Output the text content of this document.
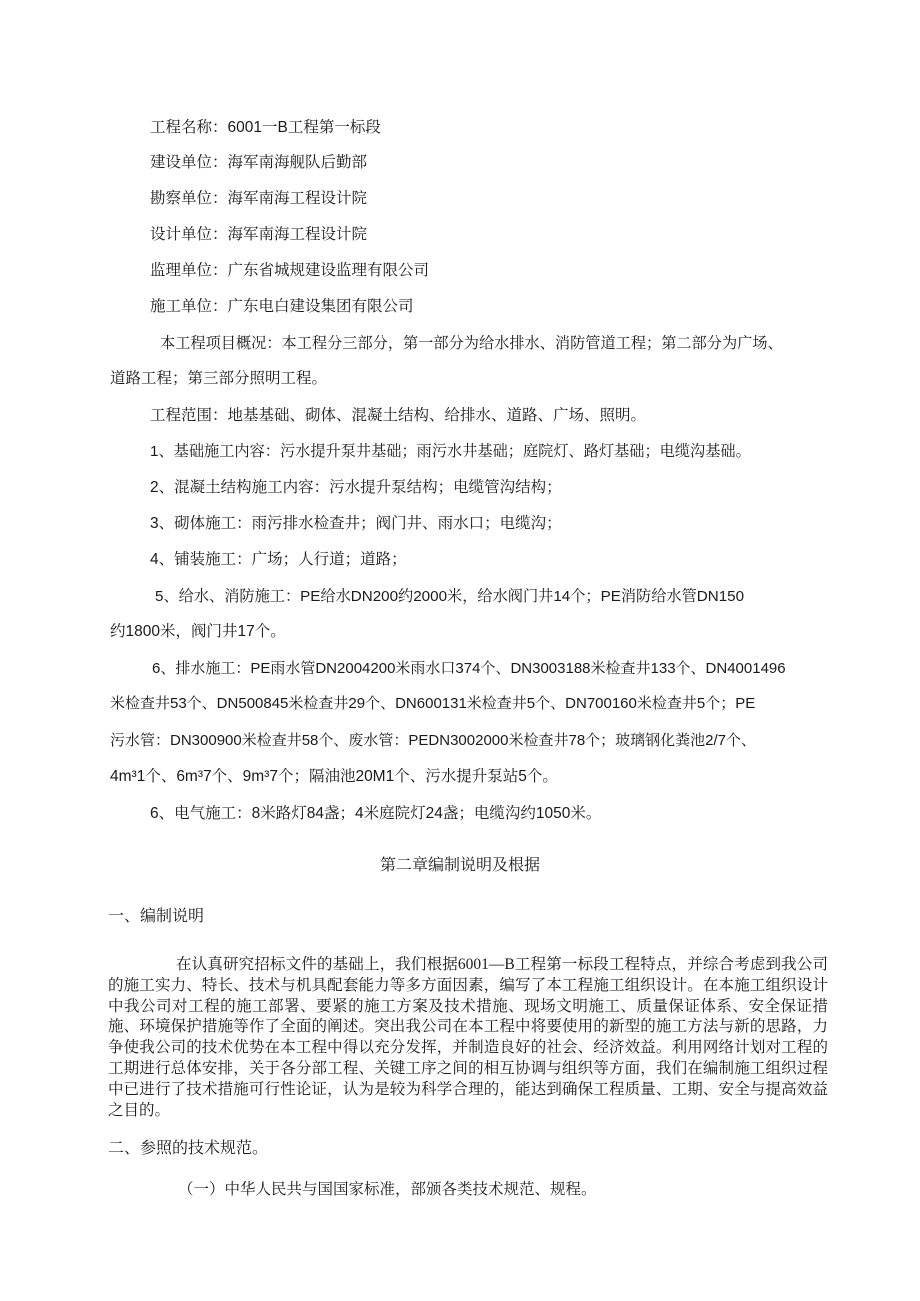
工程名称：6001一B工程第一标段
建设单位：海军南海舰队后勤部
勘察单位：海军南海工程设计院
设计单位：海军南海工程设计院
监理单位：广东省城规建设监理有限公司
施工单位：广东电白建设集团有限公司
本工程项目概况：本工程分三部分，第一部分为给水排水、消防管道工程；第二部分为广场、
道路工程；第三部分照明工程。
工程范围：地基基础、砌体、混凝土结构、给排水、道路、广场、照明。
1、基础施工内容：污水提升泵井基础；雨污水井基础；庭院灯、路灯基础；电缆沟基础。
2、混凝土结构施工内容：污水提升泵结构；电缆管沟结构；
3、砌体施工：雨污排水检查井；阀门井、雨水口；电缆沟；
4、铺装施工：广场；人行道；道路；
5、给水、消防施工：PE给水DN200约2000米，给水阀门井14个；PE消防给水管DN150
约1800米，阀门井17个。
6、排水施工：PE雨水管DN2004200米雨水口374个、DN3003188米检查井133个、DN4001496
米检查井53个、DN500845米检查井29个、DN600131米检查井5个、DN700160米检查井5个；PE
污水管：DN300900米检查井58个、废水管：PEDN3002000米检查井78个；玻璃钢化粪池2/7个、
4m³1个、6m³7个、9m³7个；隔油池20M1个、污水提升泵站5个。
6、电气施工：8米路灯84盏；4米庭院灯24盏；电缆沟约1050米。
第二章编制说明及根据
一、编制说明
在认真研究招标文件的基础上，我们根据6001—B工程第一标段工程特点，并综合考虑到我公司的施工实力、特长、技术与机具配套能力等多方面因素，编写了本工程施工组织设计。在本施工组织设计中我公司对工程的施工部署、要紧的施工方案及技术措施、现场文明施工、质量保证体系、安全保证措施、环境保护措施等作了全面的阐述。突出我公司在本工程中将要使用的新型的施工方法与新的思路，力争使我公司的技术优势在本工程中得以充分发挥，并制造良好的社会、经济效益。利用网络计划对工程的工期进行总体安排，关于各分部工程、关键工序之间的相互协调与组织等方面，我们在编制施工组织过程中已进行了技术措施可行性论证，认为是较为科学合理的，能达到确保工程质量、工期、安全与提高效益之目的。
二、参照的技术规范。
（一）中华人民共与国国家标准，部颁各类技术规范、规程。
